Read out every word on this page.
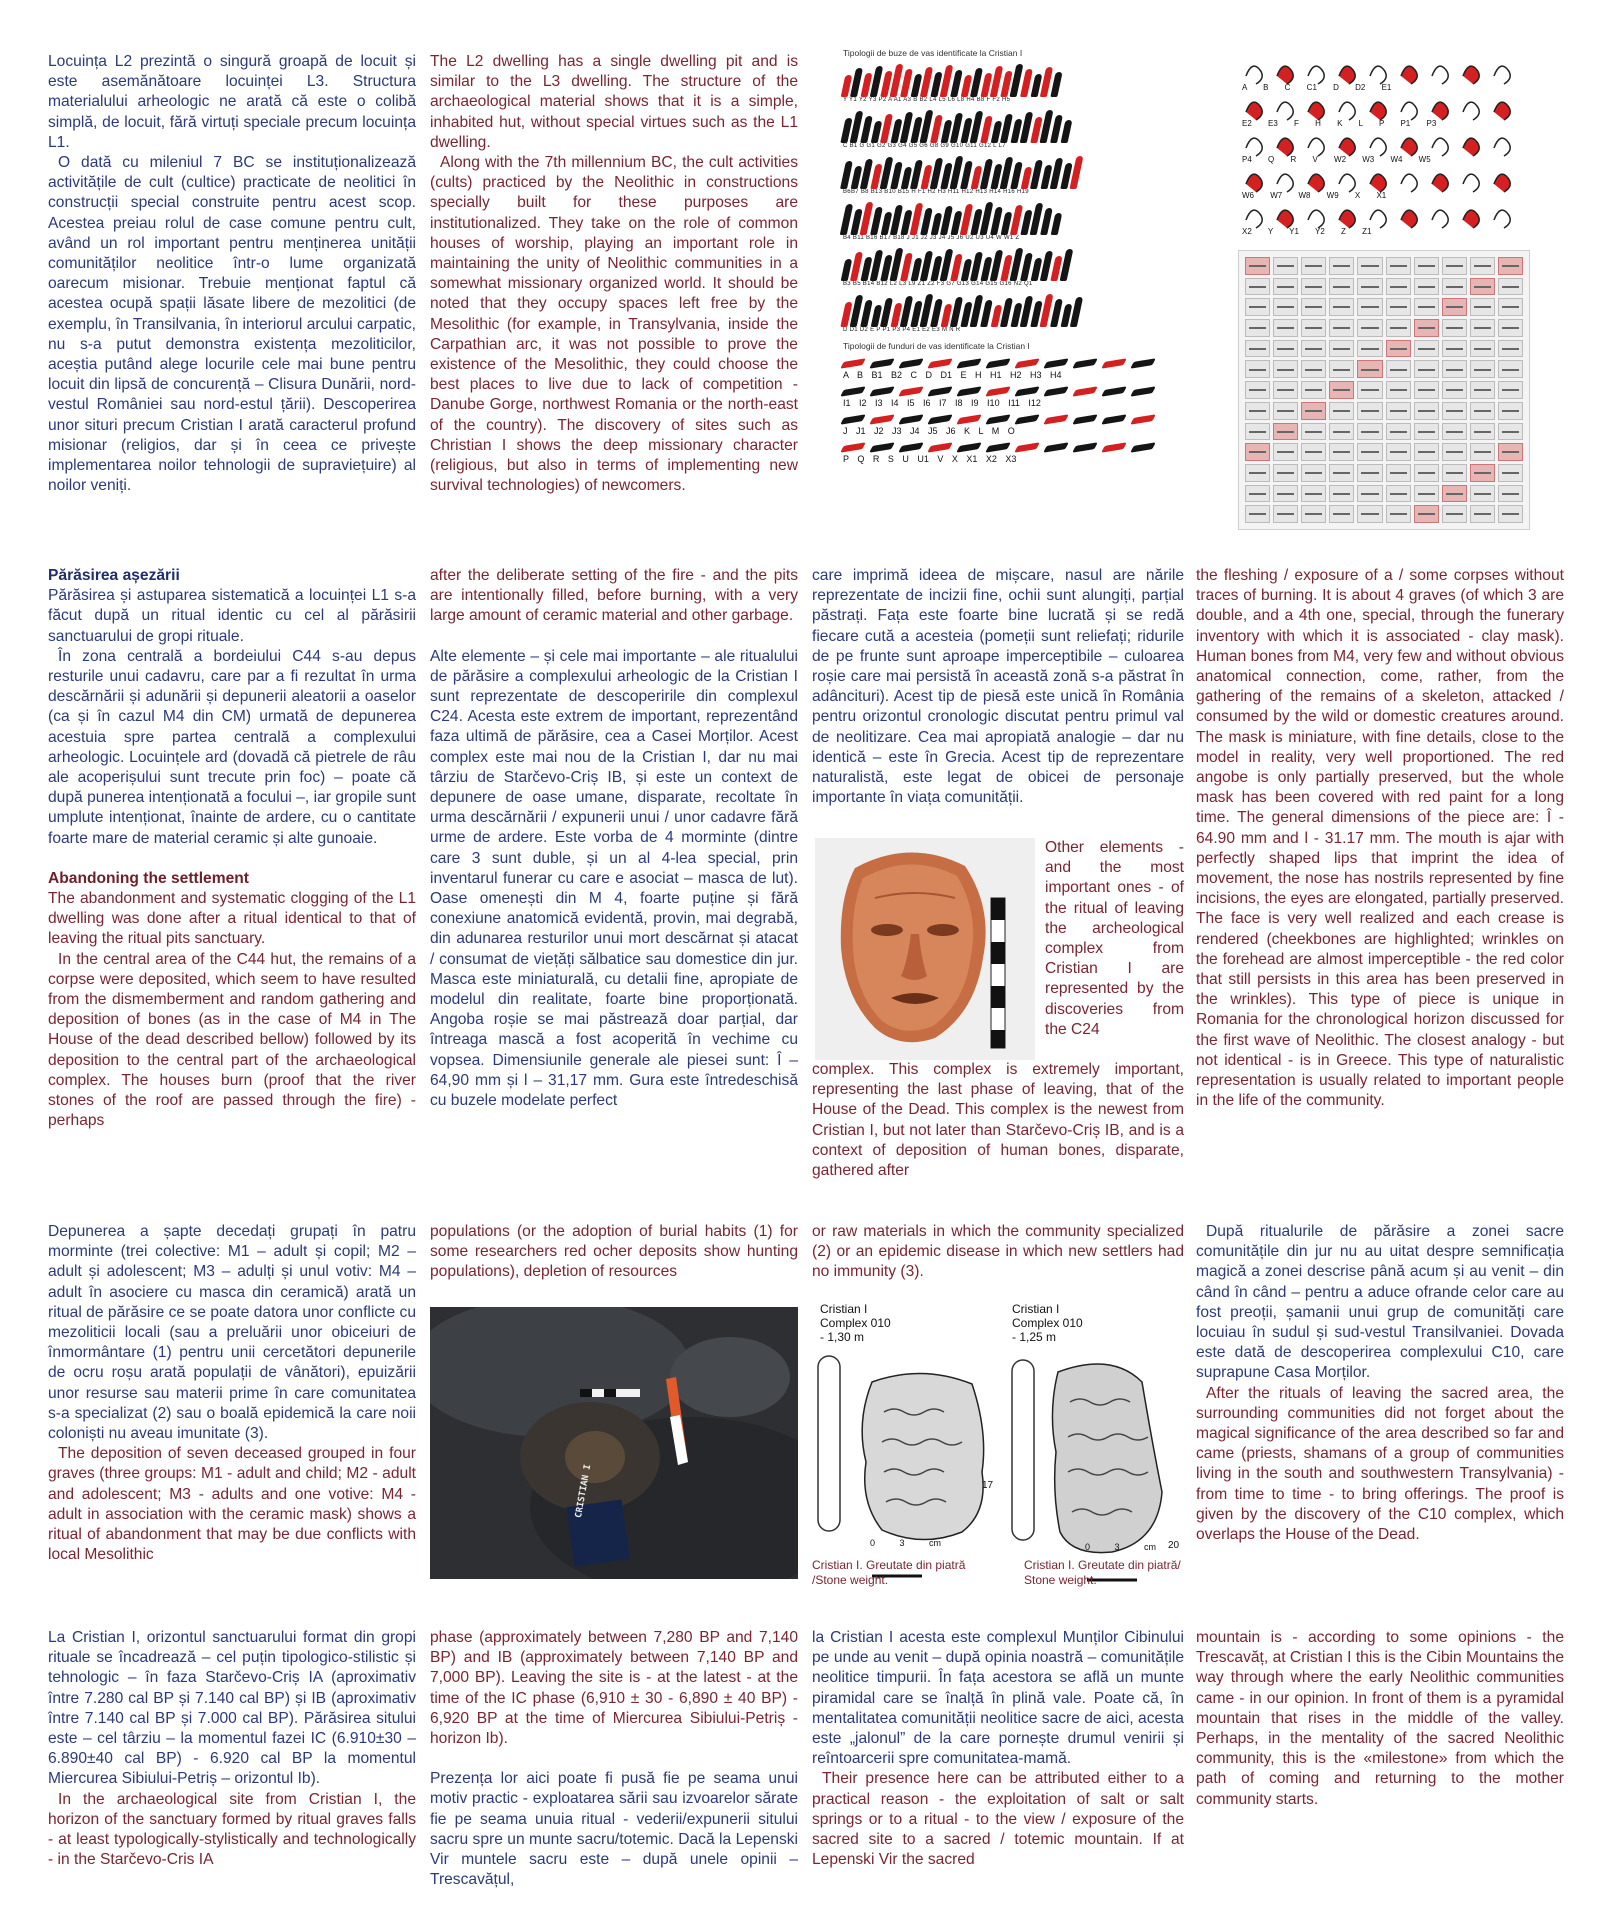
Locuința L2 prezintă o singură groapă de locuit și este asemănătoare locuinței L3. Structura materialului arheologic ne arată că este o colibă simplă, de locuit, fără virtuți speciale precum locuința L1.

O dată cu mileniul 7 BC se instituționalizează activitățile de cult (cultice) practicate de neolitici în construcții special construite pentru acest scop. Acestea preiau rolul de case comune pentru cult, având un rol important pentru menținerea unității comunităților neolitice într-o lume organizată oarecum misionar. Trebuie menționat faptul că acestea ocupă spații lăsate libere de mezolitici (de exemplu, în Transilvania, în interiorul arcului carpatic, nu s-a putut demonstra existența mezoliticilor, aceștia putând alege locurile cele mai bune pentru locuit din lipsă de concurență – Clisura Dunării, nord-vestul României sau nord-estul țării). Descoperirea unor situri precum Cristian I arată caracterul profund misionar (religios, dar și în ceea ce privește implementarea noilor tehnologii de supraviețuire) al noilor veniți.

The L2 dwelling has a single dwelling pit and is similar to the L3 dwelling. The structure of the archaeological material shows that it is a simple, inhabited hut, without special virtues such as the L1 dwelling.

Along with the 7th millennium BC, the cult activities (cults) practiced by the Neolithic in constructions specially built for these purposes are institutionalized. They take on the role of common houses of worship, playing an important role in maintaining the unity of Neolithic communities in a somewhat missionary organized world. It should be noted that they occupy spaces left free by the Mesolithic (for example, in Transylvania, inside the Carpathian arc, it was not possible to prove the existence of the Mesolithic, they could choose the best places to live due to lack of competition - Danube Gorge, northwest Romania or the north-east of the country). The discovery of sites such as Christian I shows the deep missionary character (religious, but also in terms of implementing new survival technologies) of newcomers.

Tipologii de buze de vas identificate la Cristian I
Y Y1 Y2 Y3 P2 A A1 A3 B B2 L4 L5 L6 L8 H4 B8 F F2 H5
C B1 G G1 G2 G3 G4 G5 G6 G8 G9 G10 G11 G12 L L7
B6B7 B8 B13 B10 B15 H F1 H2 H3 H11 H12 H13 H14 H16 H19
B4 B11 B16 B17 B18 J J1 J2 J3 J4 J5 J6 U2 U3 U4 W W1 Z
B3 B5 B14 B12 L2 L3 L9 Z1 Z2 F3 G7 G13 G14 G15 G16 N2 Q1
D D1 D2 E P P1 P3 P4 E1 E2 E3 M N R
Tipologii de funduri de vas identificate la Cristian I
A B B1 B2 C D D1 E H H1 H2 H3 H4
I1 I2 I3 I4 I5 I6 I7 I8 I9 I10 I11 I12
J J1 J2 J3 J4 J5 J6 K L M O
P Q R S U U1 V X X1 X2 X3
A B C C1 D D2 E1
E2 E3 F H K L P P1 P3
P4 Q R V W2 W3 W4 W5
W6 W7 W8 W9 X X1
X2 Y Y1 Y2 Z Z1
Părăsirea așezării

Părăsirea și astuparea sistematică a locuinței L1 s-a făcut după un ritual identic cu cel al părăsirii sanctuarului de gropi rituale.

În zona centrală a bordeiului C44 s-au depus resturile unui cadavru, care par a fi rezultat în urma descărnării și adunării și depunerii aleatorii a oaselor (ca și în cazul M4 din CM) urmată de depunerea acestuia spre partea centrală a complexului arheologic. Locuințele ard (dovadă că pietrele de râu ale acoperișului sunt trecute prin foc) – poate că după punerea intenționată a focului –, iar gropile sunt umplute intenționat, înainte de ardere, cu o cantitate foarte mare de material ceramic și alte gunoaie.

Abandoning the settlement

The abandonment and systematic clogging of the L1 dwelling was done after a ritual identical to that of leaving the ritual pits sanctuary.

In the central area of the C44 hut, the remains of a corpse were deposited, which seem to have resulted from the dismemberment and random gathering and deposition of bones (as in the case of M4 in The House of the dead described bellow) followed by its deposition to the central part of the archaeological complex. The houses burn (proof that the river stones of the roof are passed through the fire) - perhaps

after the deliberate setting of the fire - and the pits are intentionally filled, before burning, with a very large amount of ceramic material and other garbage.

Alte elemente – și cele mai importante – ale ritualului de părăsire a complexului arheologic de la Cristian I sunt reprezentate de descoperirile din complexul C24. Acesta este extrem de important, reprezentând faza ultimă de părăsire, cea a Casei Morților. Acest complex este mai nou de la Cristian I, dar nu mai târziu de Starčevo-Criș IB, și este un context de depunere de oase umane, disparate, recoltate în urma descărnării / expunerii unui / unor cadavre fără urme de ardere. Este vorba de 4 morminte (dintre care 3 sunt duble, și un al 4-lea special, prin inventarul funerar cu care e asociat – masca de lut). Oase omenești din M 4, foarte puține și fără conexiune anatomică evidentă, provin, mai degrabă, din adunarea resturilor unui mort descărnat și atacat / consumat de viețăți sălbatice sau domestice din jur. Masca este miniaturală, cu detalii fine, apropiate de modelul din realitate, foarte bine proporționată. Angoba roșie se mai păstrează doar parțial, dar întreaga mască a fost acoperită în vechime cu vopsea. Dimensiunile generale ale piesei sunt: Î – 64,90 mm și l – 31,17 mm. Gura este întredeschisă cu buzele modelate perfect

care imprimă ideea de mișcare, nasul are nările reprezentate de incizii fine, ochii sunt alungiți, parțial păstrați. Fața este foarte bine lucrată și se redă fiecare cută a acesteia (pomeții sunt reliefați; ridurile de pe frunte sunt aproape imperceptibile – culoarea roșie care mai persistă în această zonă s-a păstrat în adâncituri). Acest tip de piesă este unică în România pentru orizontul cronologic discutat pentru primul val de neolitizare. Cea mai apropiată analogie – dar nu identică – este în Grecia. Acest tip de reprezentare naturalistă, este legat de obicei de personaje importante în viața comunității.

Other elements - and the most important ones - of the ritual of leaving the archeological complex from Cristian I are represented by the discoveries from the C24

complex. This complex is extremely important, representing the last phase of leaving, that of the House of the Dead. This complex is the newest from Cristian I, but not later than Starčevo-Criș IB, and is a context of deposition of human bones, disparate, gathered after

the fleshing / exposure of a / some corpses without traces of burning. It is about 4 graves (of which 3 are double, and a 4th one, special, through the funerary inventory with which it is associated - clay mask). Human bones from M4, very few and without obvious anatomical connection, come, rather, from the gathering of the remains of a skeleton, attacked / consumed by the wild or domestic creatures around. The mask is miniature, with fine details, close to the model in reality, very well proportioned. The red angobe is only partially preserved, but the whole mask has been covered with red paint for a long time. The general dimensions of the piece are: Î - 64.90 mm and l - 31.17 mm. The mouth is ajar with perfectly shaped lips that imprint the idea of movement, the nose has nostrils represented by fine incisions, the eyes are elongated, partially preserved. The face is very well realized and each crease is rendered (cheekbones are highlighted; wrinkles on the forehead are almost imperceptible - the red color that still persists in this area has been preserved in the wrinkles). This type of piece is unique in Romania for the chronological horizon discussed for the first wave of Neolithic. The closest analogy - but not identical - is in Greece. This type of naturalistic representation is usually related to important people in the life of the community.

Depunerea a șapte decedați grupați în patru morminte (trei colective: M1 – adult și copil; M2 – adult și adolescent; M3 – adulți și unul votiv: M4 – adult în asociere cu masca din ceramică) arată un ritual de părăsire ce se poate datora unor conflicte cu mezoliticii locali (sau a preluării unor obiceiuri de înmormântare (1) pentru unii cercetători depunerile de ocru roșu arată populații de vânători), epuizării unor resurse sau materii prime în care comunitatea s-a specializat (2) sau o boală epidemică la care noii coloniști nu aveau imunitate (3).

The deposition of seven deceased grouped in four graves (three groups: M1 - adult and child; M2 - adult and adolescent; M3 - adults and one votive: M4 - adult in association with the ceramic mask) shows a ritual of abandonment that may be due conflicts with local Mesolithic

populations (or the adoption of burial habits (1) for some researchers red ocher deposits show hunting populations), depletion of resources

CRISTIAN I

or raw materials in which the community specialized (2) or an epidemic disease in which new settlers had no immunity (3).

Cristian I
Complex 010
- 1,30 m
Cristian I
Complex 010
- 1,25 m
17
20
0 3 cm	0 3 cm
Cristian I. Greutate din piatră /Stone weight.
Cristian I. Greutate din piatră/ Stone weight.

După ritualurile de părăsire a zonei sacre comunitățile din jur nu au uitat despre semnificația magică a zonei descrise până acum și au venit – din când în când – pentru a aduce ofrande celor care au fost preoții, șamanii unui grup de comunități care locuiau în sudul și sud-vestul Transilvaniei. Dovada este dată de descoperirea complexului C10, care suprapune Casa Morților.

After the rituals of leaving the sacred area, the surrounding communities did not forget about the magical significance of the area described so far and came (priests, shamans of a group of communities living in the south and southwestern Transylvania) - from time to time - to bring offerings. The proof is given by the discovery of the C10 complex, which overlaps the House of the Dead.

La Cristian I, orizontul sanctuarului format din gropi rituale se încadrează – cel puțin tipologico-stilistic și tehnologic – în faza Starčevo-Criș IA (aproximativ între 7.280 cal BP și 7.140 cal BP) și IB (aproximativ între 7.140 cal BP și 7.000 cal BP). Părăsirea sitului este – cel târziu – la momentul fazei IC (6.910±30 – 6.890±40 cal BP) - 6.920 cal BP la momentul Miercurea Sibiului-Petriș – orizontul Ib).

In the archaeological site from Cristian I, the horizon of the sanctuary formed by ritual graves falls - at least typologically-stylistically and technologically - in the Starčevo-Cris IA

phase (approximately between 7,280 BP and 7,140 BP) and IB (approximately between 7,140 BP and 7,000 BP). Leaving the site is - at the latest - at the time of the IC phase (6,910 ± 30 - 6,890 ± 40 BP) - 6,920 BP at the time of Miercurea Sibiului-Petriș - horizon Ib).

Prezența lor aici poate fi pusă fie pe seama unui motiv practic - exploatarea sării sau izvoarelor sărate fie pe seama unuia ritual - vederii/expunerii sitului sacru spre un munte sacru/totemic. Dacă la Lepenski Vir muntele sacru este – după unele opinii – Trescavățul,

la Cristian I acesta este complexul Munților Cibinului pe unde au venit – după opinia noastră – comunitățile neolitice timpurii. În fața acestora se află un munte piramidal care se înalță în plină vale. Poate că, în mentalitatea comunității neolitice sacre de aici, acesta este „jalonul” de la care pornește drumul venirii și reîntoarcerii spre comunitatea-mamă.

Their presence here can be attributed either to a practical reason - the exploitation of salt or salt springs or to a ritual - to the view / exposure of the sacred site to a sacred / totemic mountain. If at Lepenski Vir the sacred

mountain is - according to some opinions - the Trescavăț, at Cristian I this is the Cibin Mountains the way through where the early Neolithic communities came - in our opinion. In front of them is a pyramidal mountain that rises in the middle of the valley. Perhaps, in the mentality of the sacred Neolithic community, this is the «milestone» from which the path of coming and returning to the mother community starts.
